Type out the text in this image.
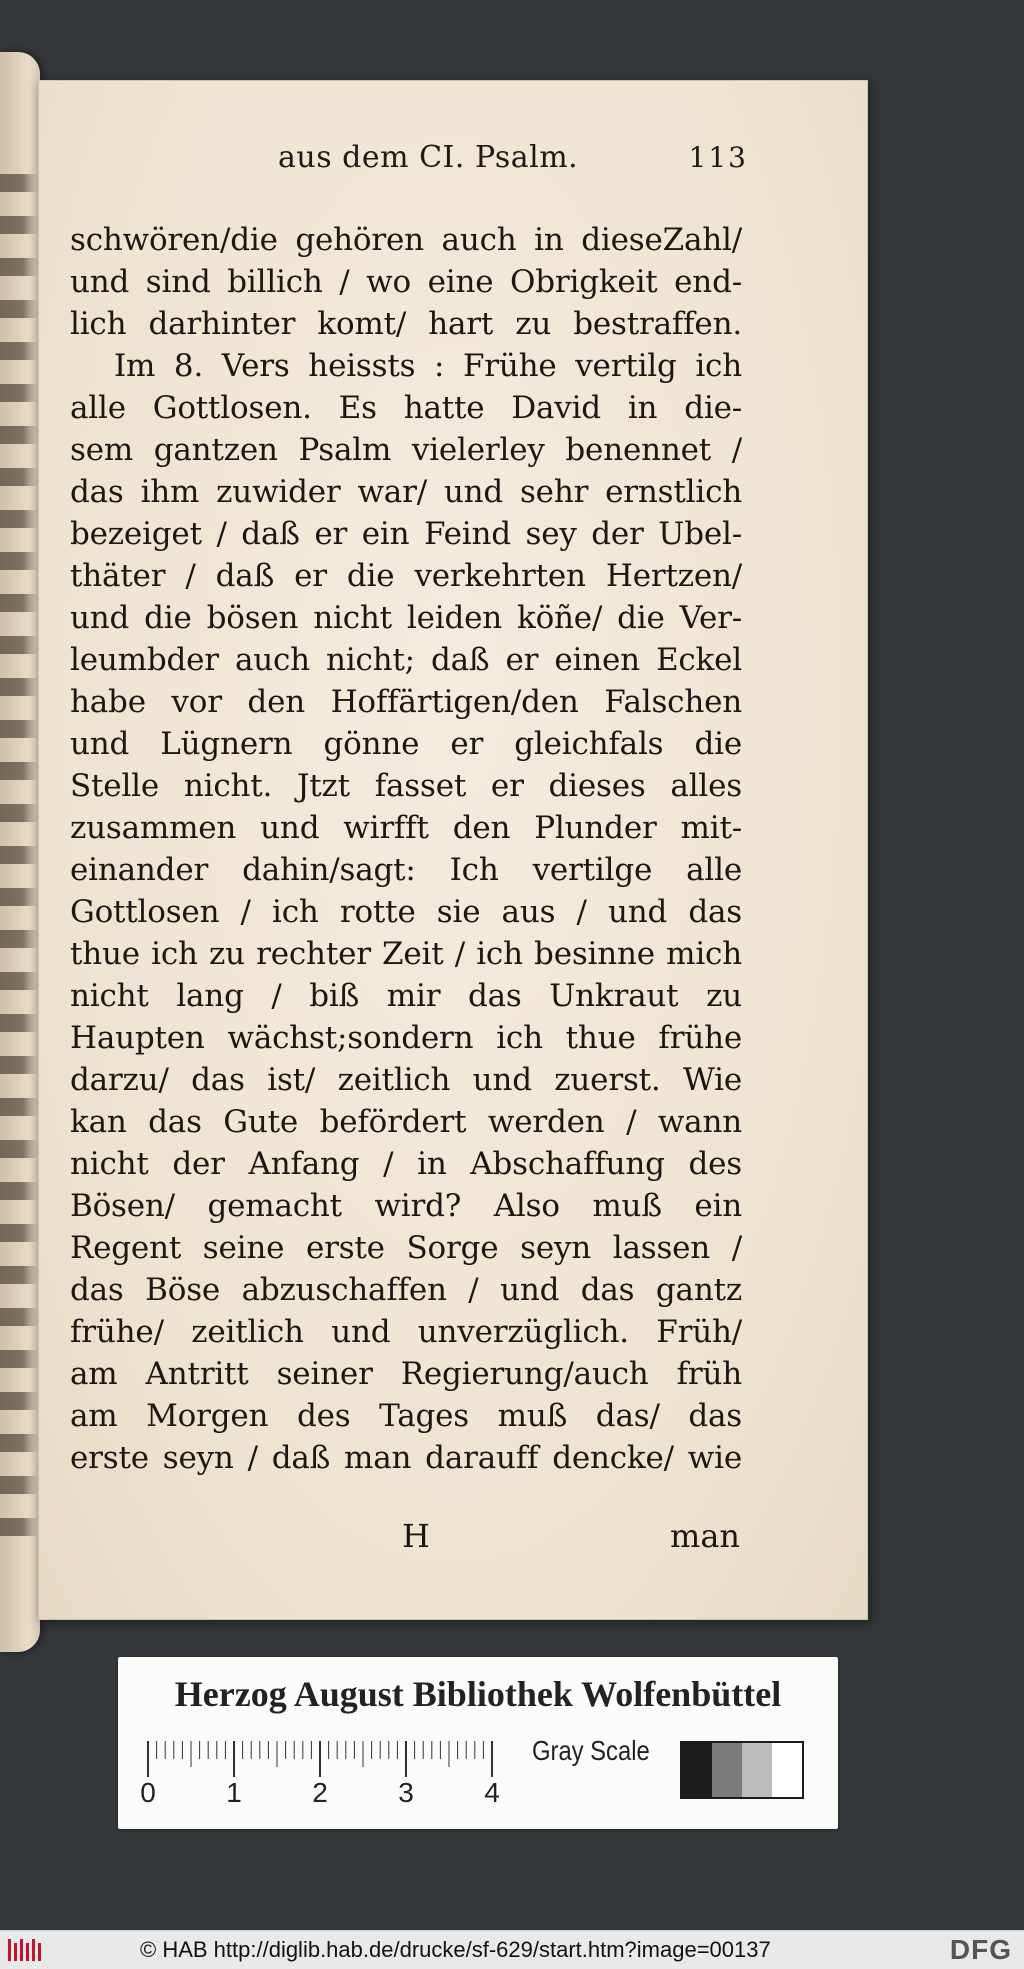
aus dem CI. Psalm.	113
schwören/die gehören auch in dieseZahl/
und sind billich / wo eine Obrigkeit end-
lich darhinter komt/ hart zu bestraffen.
Im 8. Vers heissts : Frühe vertilg ich
alle Gottlosen. Es hatte David in die-
sem gantzen Psalm vielerley benennet /
das ihm zuwider war/ und sehr ernstlich
bezeiget / daß er ein Feind sey der Ubel-
thäter / daß er die verkehrten Hertzen/
und die bösen nicht leiden köñe/ die Ver-
leumbder auch nicht; daß er einen Eckel
habe vor den Hoffärtigen/den Falschen
und Lügnern gönne er gleichfals die
Stelle nicht. Jtzt fasset er dieses alles
zusammen und wirfft den Plunder mit-
einander dahin/sagt: Ich vertilge alle
Gottlosen / ich rotte sie aus / und das
thue ich zu rechter Zeit / ich besinne mich
nicht lang / biß mir das Unkraut zu
Haupten wächst;sondern ich thue frühe
darzu/ das ist/ zeitlich und zuerst. Wie
kan das Gute befördert werden / wann
nicht der Anfang / in Abschaffung des
Bösen/ gemacht wird? Also muß ein
Regent seine erste Sorge seyn lassen /
das Böse abzuschaffen / und das gantz
frühe/ zeitlich und unverzüglich. Früh/
am Antritt seiner Regierung/auch früh
am Morgen des Tages muß das/ das
erste seyn / daß man darauff dencke/ wie
H	man
Herzog August Bibliothek Wolfenbüttel
0	1	2	3	4
Gray Scale
© HAB http://diglib.hab.de/drucke/sf-629/start.htm?image=00137	DFG
